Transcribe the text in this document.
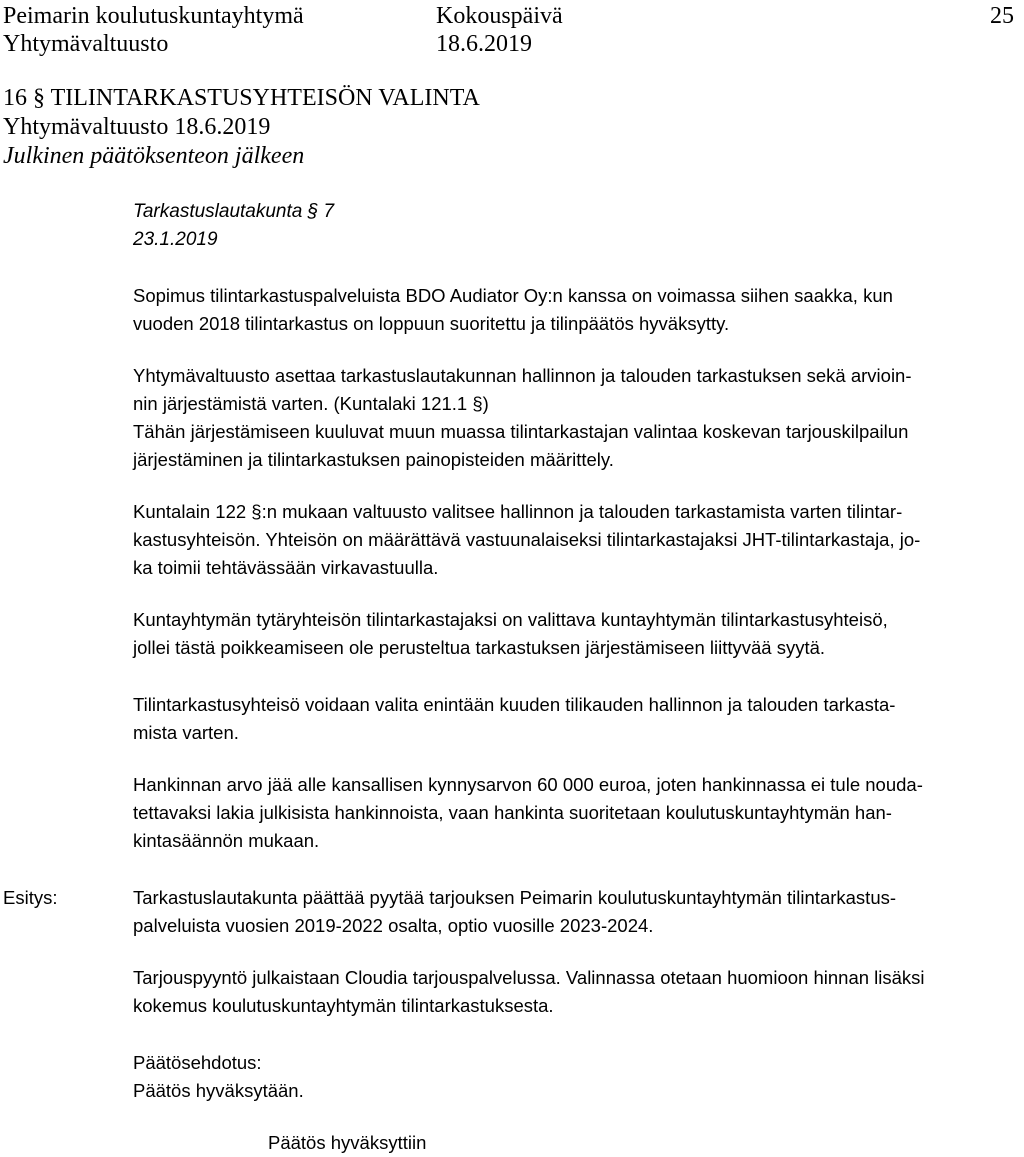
Peimarin koulutuskuntayhtymä
Yhtymävaltuusto
Kokouspäivä
18.6.2019
25
16 § TILINTARKASTUSYHTEISÖN VALINTA
Yhtymävaltuusto 18.6.2019
Julkinen päätöksenteon jälkeen
Tarkastuslautakunta § 7
23.1.2019
Sopimus tilintarkastuspalveluista BDO Audiator Oy:n kanssa on voimassa siihen saakka, kun
vuoden 2018 tilintarkastus on loppuun suoritettu ja tilinpäätös hyväksytty.
Yhtymävaltuusto asettaa tarkastuslautakunnan hallinnon ja talouden tarkastuksen sekä arvioin-
nin järjestämistä varten. (Kuntalaki 121.1 §)
Tähän järjestämiseen kuuluvat muun muassa tilintarkastajan valintaa koskevan tarjouskilpailun
järjestäminen ja tilintarkastuksen painopisteiden määrittely.
Kuntalain 122 §:n mukaan valtuusto valitsee hallinnon ja talouden tarkastamista varten tilintar-
kastusyhteisön. Yhteisön on määrättävä vastuunalaiseksi tilintarkastajaksi JHT-tilintarkastaja, jo-
ka toimii tehtävässään virkavastuulla.
Kuntayhtymän tytäryhteisön tilintarkastajaksi on valittava kuntayhtymän tilintarkastusyhteisö,
jollei tästä poikkeamiseen ole perusteltua tarkastuksen järjestämiseen liittyvää syytä.
Tilintarkastusyhteisö voidaan valita enintään kuuden tilikauden hallinnon ja talouden tarkasta-
mista varten.
Hankinnan arvo jää alle kansallisen kynnysarvon 60 000 euroa, joten hankinnassa ei tule nouda-
tettavaksi lakia julkisista hankinnoista, vaan hankinta suoritetaan koulutuskuntayhtymän han-
kintasäännön mukaan.
Esitys:	Tarkastuslautakunta päättää pyytää tarjouksen Peimarin koulutuskuntayhtymän tilintarkastus-
palveluista vuosien 2019-2022 osalta, optio vuosille 2023-2024.
Tarjouspyyntö julkaistaan Cloudia tarjouspalvelussa. Valinnassa otetaan huomioon hinnan lisäksi
kokemus koulutuskuntayhtymän tilintarkastuksesta.
Päätösehdotus:
Päätös hyväksytään.
Päätös hyväksyttiin
